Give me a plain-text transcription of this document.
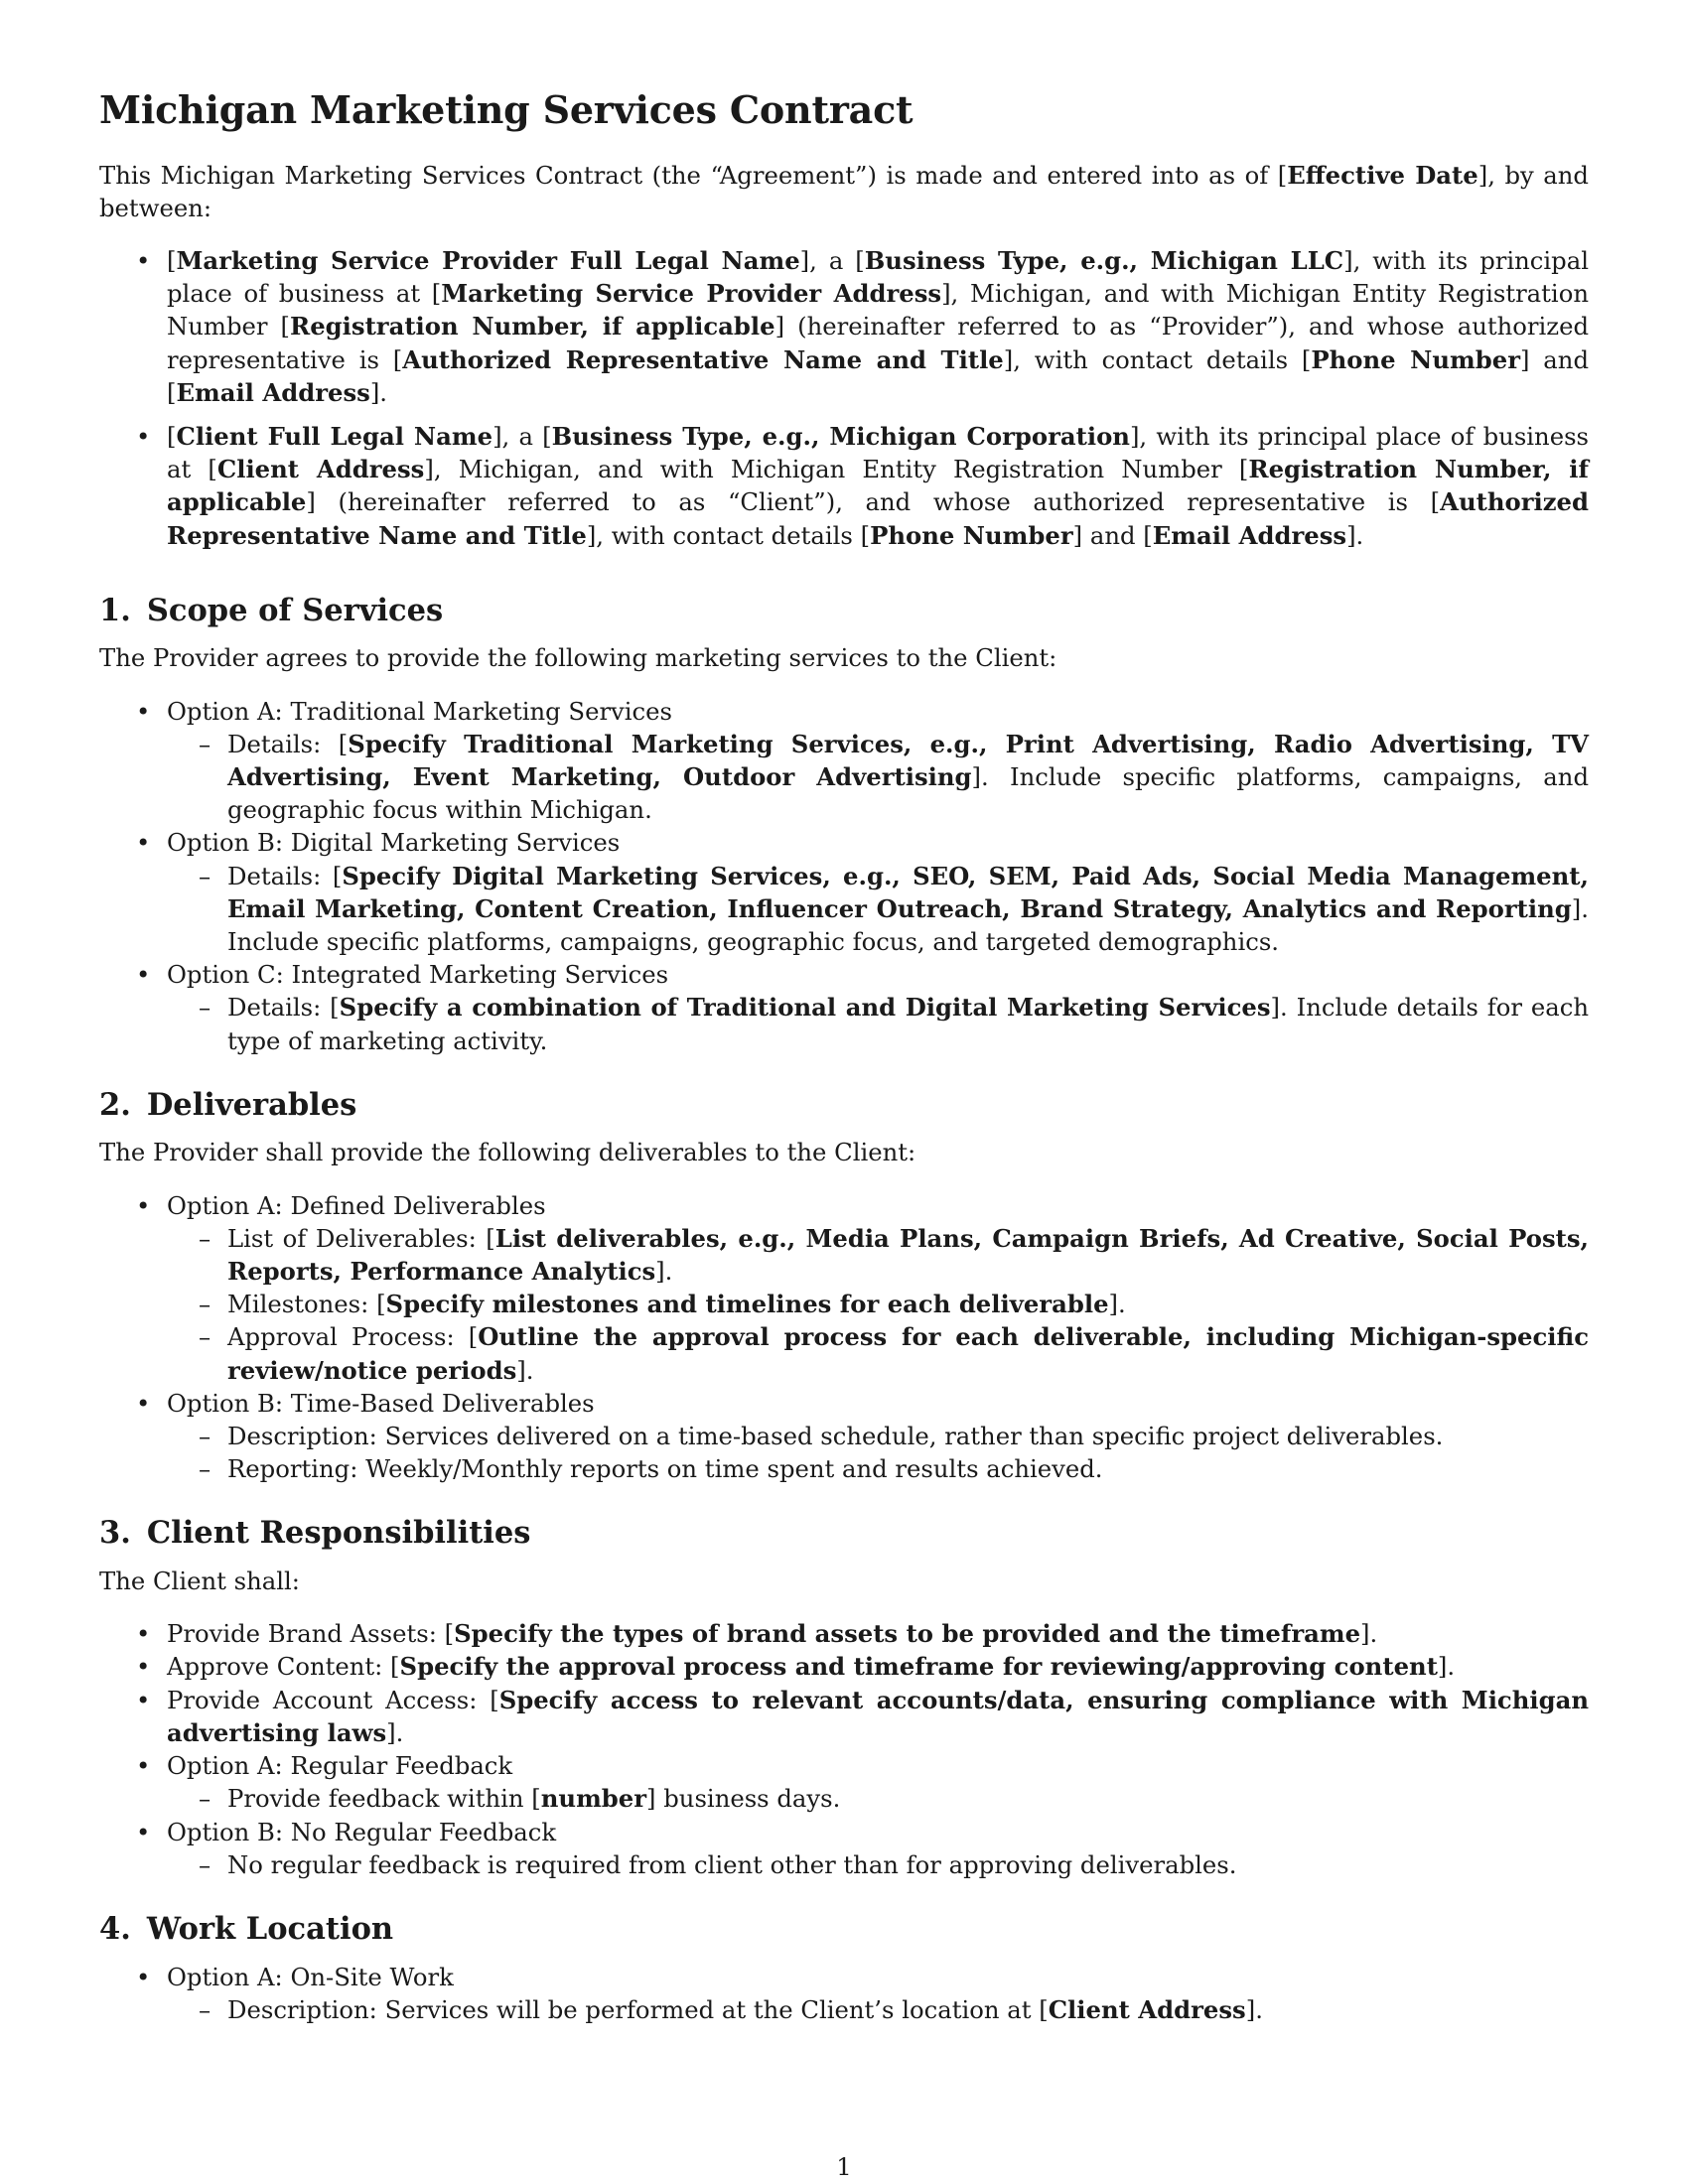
Michigan Marketing Services Contract

This Michigan Marketing Services Contract (the “Agreement”) is made and entered into as of [Effective Date], by and between:

• [Marketing Service Provider Full Legal Name], a [Business Type, e.g., Michigan LLC], with its principal place of business at [Marketing Service Provider Address], Michigan, and with Michigan Entity Registration Number [Registration Number, if applicable] (hereinafter referred to as “Provider”), and whose authorized representative is [Authorized Representative Name and Title], with contact details [Phone Number] and [Email Address].
• [Client Full Legal Name], a [Business Type, e.g., Michigan Corporation], with its principal place of business at [Client Address], Michigan, and with Michigan Entity Registration Number [Registration Number, if applicable] (hereinafter referred to as “Client”), and whose authorized representative is [Authorized Representative Name and Title], with contact details [Phone Number] and [Email Address].
1. Scope of Services

The Provider agrees to provide the following marketing services to the Client:

• Option A: Traditional Marketing Services
– Details: [Specify Traditional Marketing Services, e.g., Print Advertising, Radio Advertising, TV Advertising, Event Marketing, Outdoor Advertising]. Include specific platforms, campaigns, and geographic focus within Michigan.
• Option B: Digital Marketing Services
– Details: [Specify Digital Marketing Services, e.g., SEO, SEM, Paid Ads, Social Media Management, Email Marketing, Content Creation, Influencer Outreach, Brand Strategy, Analytics and Reporting]. Include specific platforms, campaigns, geographic focus, and targeted demographics.
• Option C: Integrated Marketing Services
– Details: [Specify a combination of Traditional and Digital Marketing Services]. Include details for each type of marketing activity.
2. Deliverables

The Provider shall provide the following deliverables to the Client:

• Option A: Defined Deliverables
– List of Deliverables: [List deliverables, e.g., Media Plans, Campaign Briefs, Ad Creative, Social Posts, Reports, Performance Analytics].
– Milestones: [Specify milestones and timelines for each deliverable].
– Approval Process: [Outline the approval process for each deliverable, including Michigan-specific review/notice periods].
• Option B: Time-Based Deliverables
– Description: Services delivered on a time-based schedule, rather than specific project deliverables.
– Reporting: Weekly/Monthly reports on time spent and results achieved.
3. Client Responsibilities

The Client shall:

• Provide Brand Assets: [Specify the types of brand assets to be provided and the timeframe].
• Approve Content: [Specify the approval process and timeframe for reviewing/approving content].
• Provide Account Access: [Specify access to relevant accounts/data, ensuring compliance with Michigan advertising laws].
• Option A: Regular Feedback
– Provide feedback within [number] business days.
• Option B: No Regular Feedback
– No regular feedback is required from client other than for approving deliverables.
4. Work Location
• Option A: On-Site Work
– Description: Services will be performed at the Client’s location at [Client Address].
1
